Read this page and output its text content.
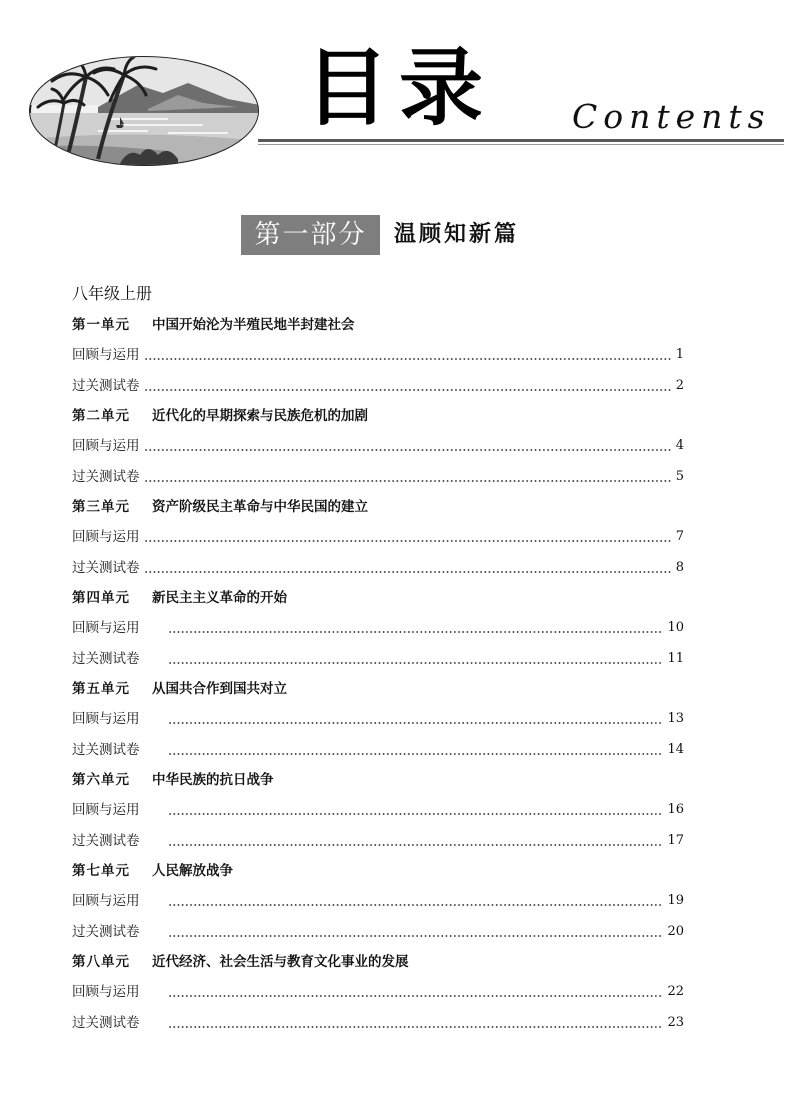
目录 Contents
第一部分	温顾知新篇
八年级上册
第一单元 中国开始沦为半殖民地半封建社会
回顾与运用	1
过关测试卷	2
第二单元 近代化的早期探索与民族危机的加剧
回顾与运用	4
过关测试卷	5
第三单元 资产阶级民主革命与中华民国的建立
回顾与运用	7
过关测试卷	8
第四单元 新民主主义革命的开始
回顾与运用	10
过关测试卷	11
第五单元 从国共合作到国共对立
回顾与运用	13
过关测试卷	14
第六单元 中华民族的抗日战争
回顾与运用	16
过关测试卷	17
第七单元 人民解放战争
回顾与运用	19
过关测试卷	20
第八单元 近代经济、社会生活与教育文化事业的发展
回顾与运用	22
过关测试卷	23
